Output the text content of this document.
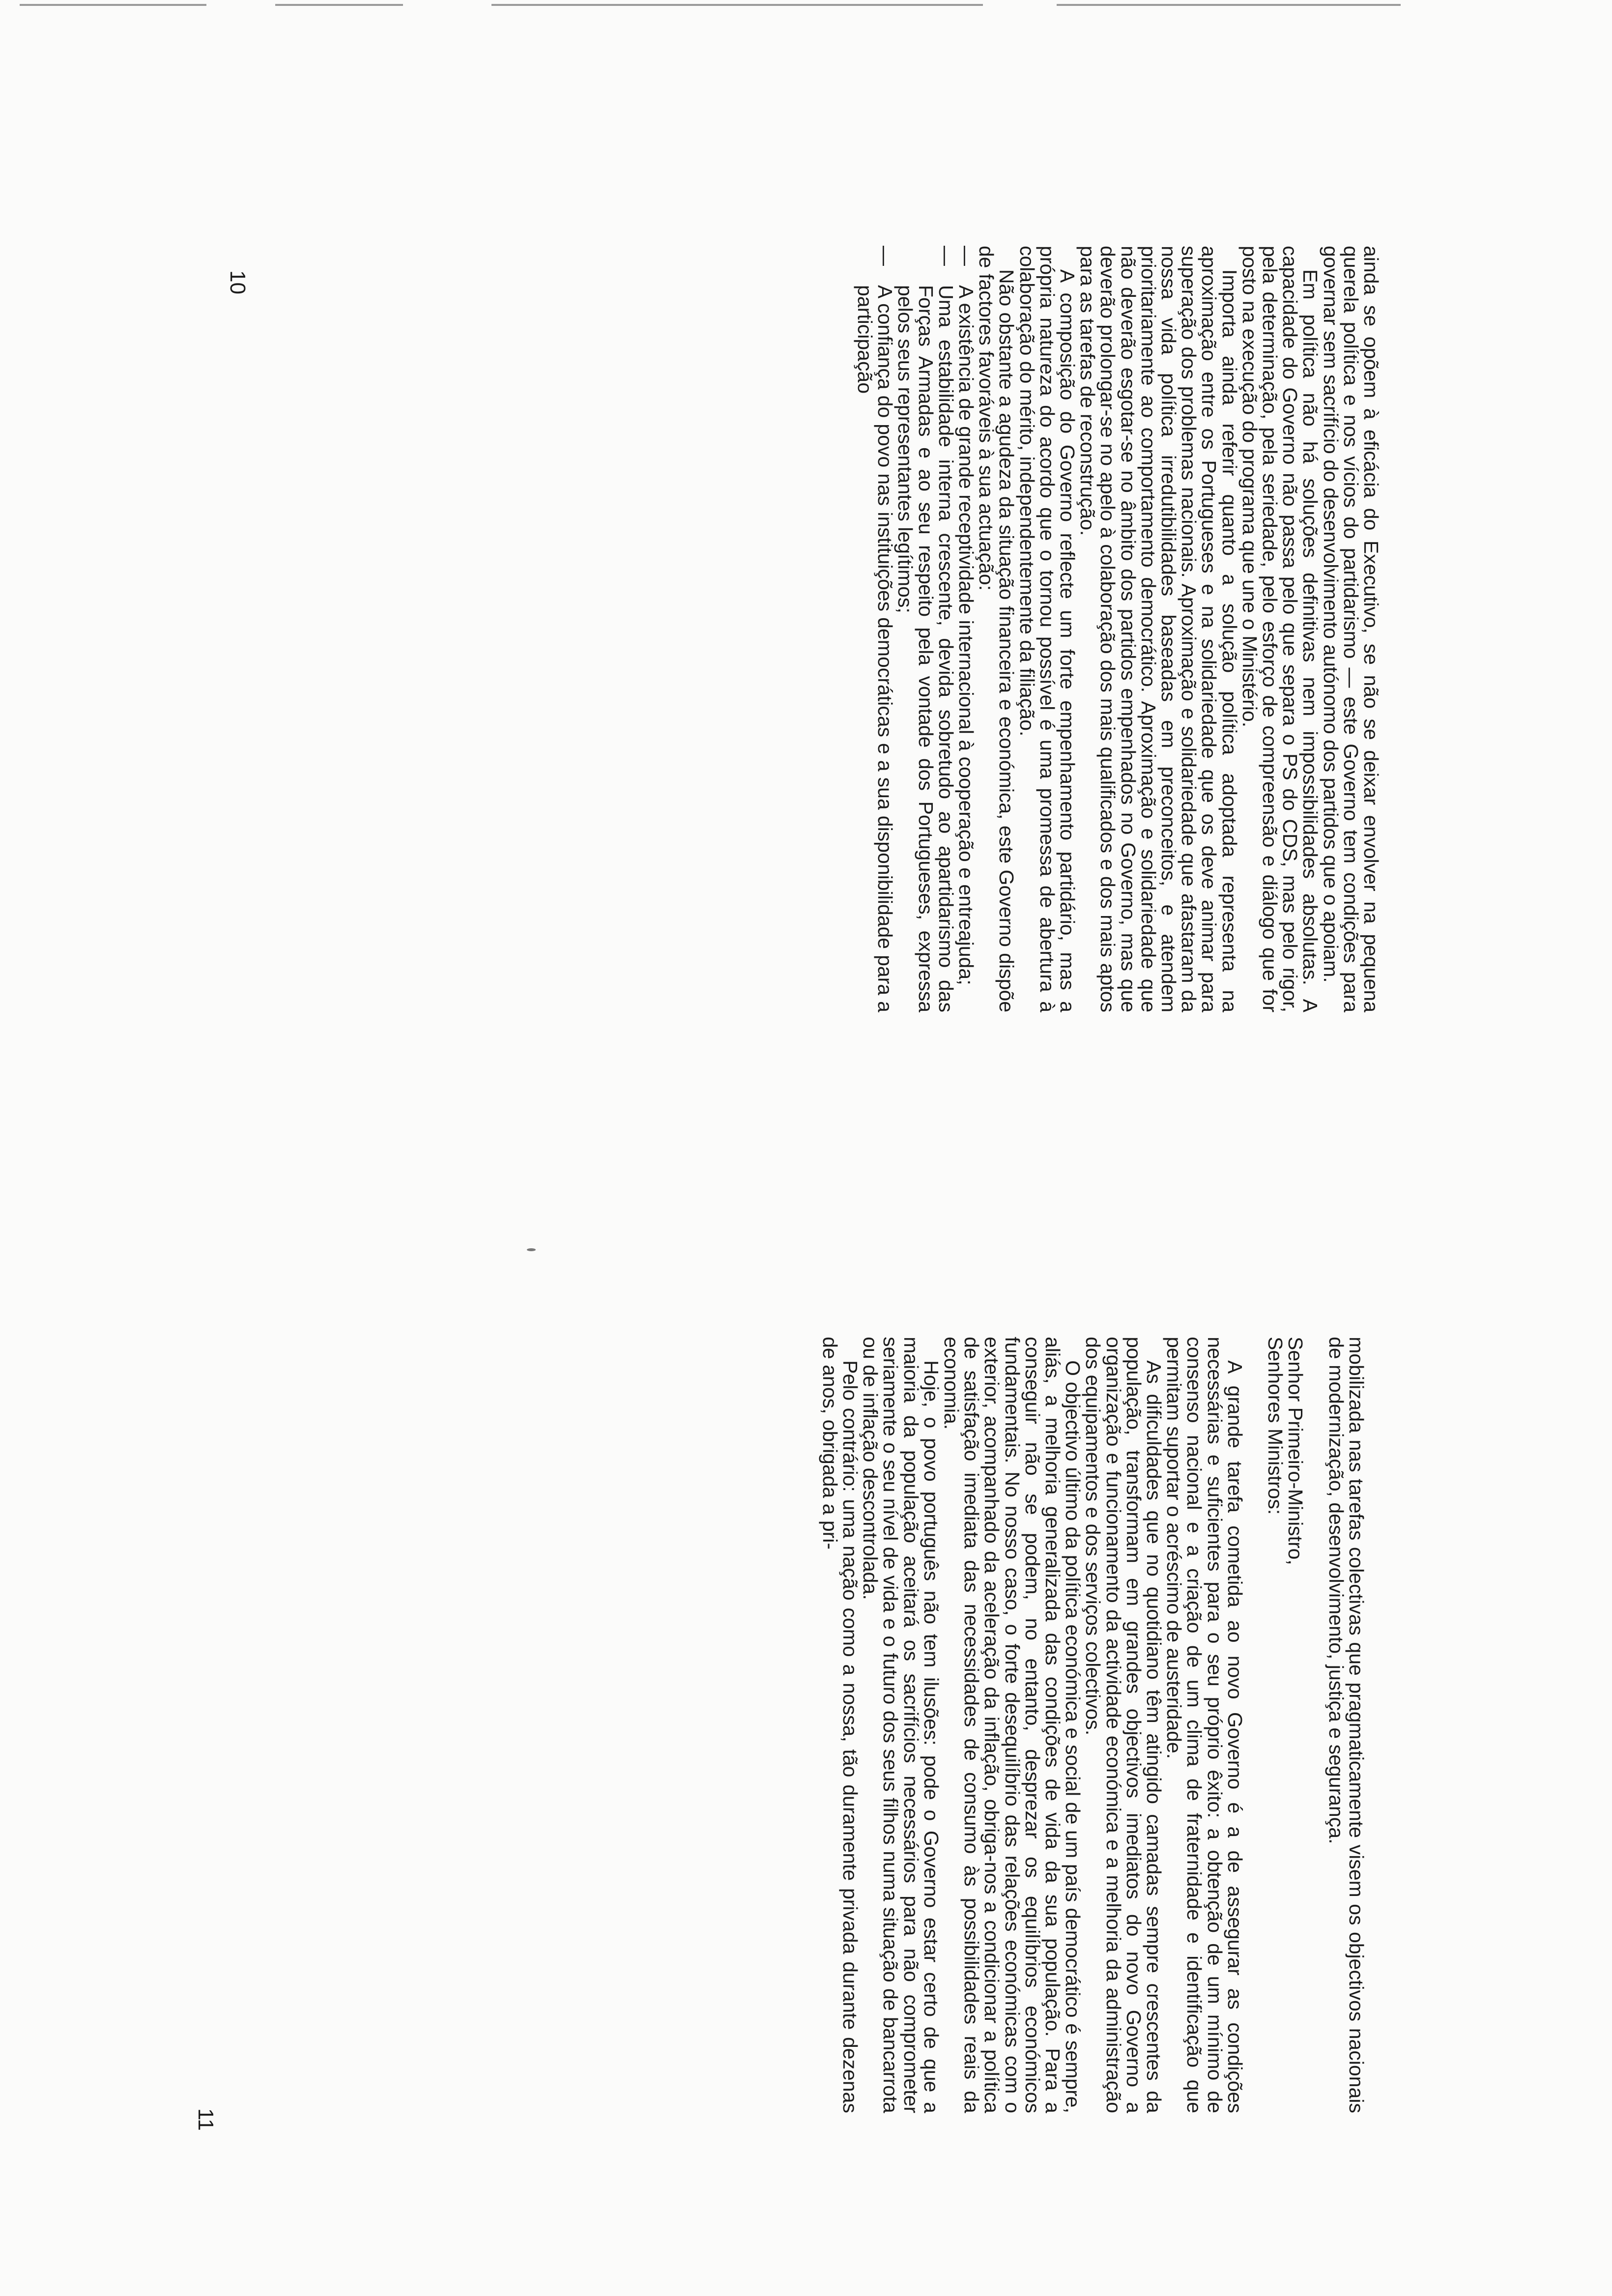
ainda se opõem à eficácia do Executivo, se não se deixar envolver na pequena querela política e nos vícios do partidarismo — este Governo tem condições para governar sem sacrifício do desenvolvimento autónomo dos partidos que o apoiam.

Em política não há soluções definitivas nem impossibilidades absolutas. A capacidade do Governo não passa pelo que separa o PS do CDS, mas pelo rigor, pela determinação, pela seriedade, pelo esforço de compreensão e diálogo que for posto na execução do programa que une o Ministério.

Importa ainda referir quanto a solução política adoptada representa na aproximação entre os Portugueses e na solidariedade que os deve animar para superação dos problemas nacionais. Aproximação e solidariedade que afastaram da nossa vida política irredutibilidades baseadas em preconceitos, e atendem prioritariamente ao comportamento democrático. Aproximação e solidariedade que não deverão esgotar-se no âmbito dos partidos empenhados no Governo, mas que deverão prolongar-se no apelo à colaboração dos mais qualificados e dos mais aptos para as tarefas de reconstrução.

A composição do Governo reflecte um forte empenhamento partidário, mas a própria natureza do acordo que o tornou possível é uma promessa de abertura à colaboração do mérito, independentemente da filiação.

Não obstante a agudeza da situação financeira e económica, este Governo dispõe de factores favoráveis à sua actuação:

—
A existência de grande receptividade internacional à cooperação e entreajuda;
—
Uma estabilidade interna crescente, devida sobretudo ao apartidarismo das Forças Armadas e ao seu respeito pela vontade dos Portugueses, expressa pelos seus representantes legítimos;
—
A confiança do povo nas instituições democráticas e a sua disponibilidade para a participação
10

mobilizada nas tarefas colectivas que pragmaticamente visem os objectivos nacionais de modernização, desenvolvimento, justiça e segurança.

Senhor Primeiro-Ministro,

Senhores Ministros:

A grande tarefa cometida ao novo Governo é a de assegurar as condições necessárias e suficientes para o seu próprio êxito: a obtenção de um mínimo de consenso nacional e a criação de um clima de fraternidade e identificação que permitam suportar o acréscimo de austeridade.

As dificuldades que no quotidiano têm atingido camadas sempre crescentes da população, transformam em grandes objectivos imediatos do novo Governo a organização e funcionamento da actividade económica e a melhoria da administração dos equipamentos e dos serviços colectivos.

O objectivo último da política económica e social de um país democrático é sempre, aliás, a melhoria generalizada das condições de vida da sua população. Para a conseguir não se podem, no entanto, desprezar os equilíbrios económicos fundamentais. No nosso caso, o forte desequilíbrio das relações económicas com o exterior, acompanhado da aceleração da inflação, obriga-nos a condicionar a política de satisfação imediata das necessidades de consumo às possibilidades reais da economia.

Hoje, o povo português não tem ilusões: pode o Governo estar certo de que a maioria da população aceitará os sacrifícios necessários para não comprometer seriamente o seu nível de vida e o futuro dos seus filhos numa situação de bancarrota ou de inflação descontrolada.

Pelo contrário: uma nação como a nossa, tão duramente privada durante dezenas de anos, obrigada a pri-

11
